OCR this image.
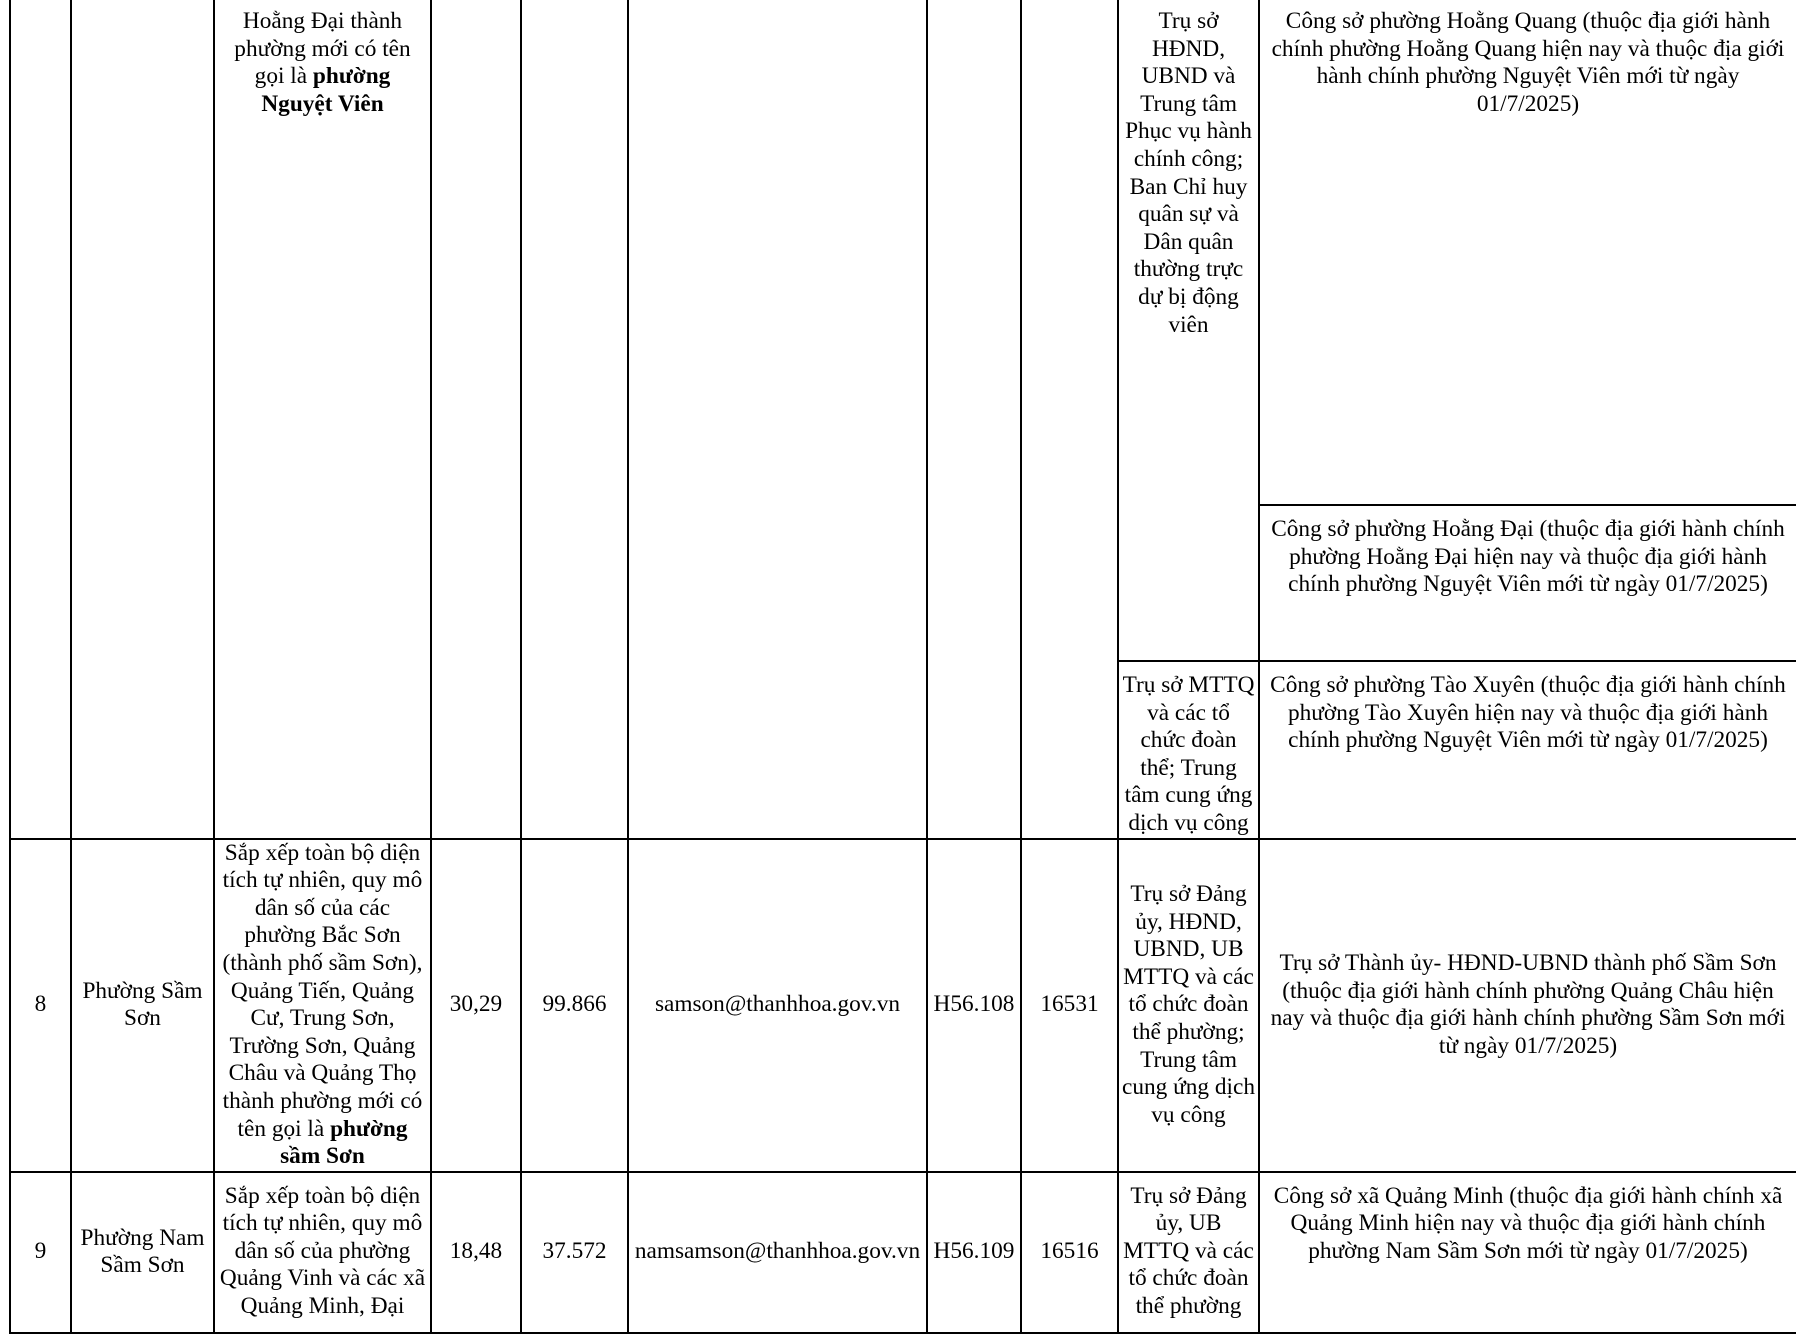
		Hoằng Đại thành phường mới có tên gọi là phường Nguyệt Viên						Trụ sở HĐND, UBND và Trung tâm Phục vụ hành chính công; Ban Chỉ huy quân sự và Dân quân thường trực dự bị động viên	Công sở phường Hoằng Quang (thuộc địa giới hành chính phường Hoằng Quang hiện nay và thuộc địa giới hành chính phường Nguyệt Viên mới từ ngày 01/7/2025)
									Công sở phường Hoằng Đại (thuộc địa giới hành chính phường Hoằng Đại hiện nay và thuộc địa giới hành chính phường Nguyệt Viên mới từ ngày 01/7/2025)
								Trụ sở MTTQ và các tổ chức đoàn thể; Trung tâm cung ứng dịch vụ công	Công sở phường Tào Xuyên (thuộc địa giới hành chính phường Tào Xuyên hiện nay và thuộc địa giới hành chính phường Nguyệt Viên mới từ ngày 01/7/2025)
8	Phường Sầm Sơn	Sắp xếp toàn bộ diện tích tự nhiên, quy mô dân số của các phường Bắc Sơn (thành phố sầm Sơn), Quảng Tiến, Quảng Cư, Trung Sơn, Trường Sơn, Quảng Châu và Quảng Thọ thành phường mới có tên gọi là phường sầm Sơn	30,29	99.866	samson@thanhhoa.gov.vn	H56.108	16531	Trụ sở Đảng ủy, HĐND, UBND, UB MTTQ và các tổ chức đoàn thể phường; Trung tâm cung ứng dịch vụ công	Trụ sở Thành ủy- HĐND-UBND thành phố Sầm Sơn (thuộc địa giới hành chính phường Quảng Châu hiện nay và thuộc địa giới hành chính phường Sầm Sơn mới từ ngày 01/7/2025)
9	Phường Nam Sầm Sơn	Sắp xếp toàn bộ diện tích tự nhiên, quy mô dân số của phường Quảng Vinh và các xã Quảng Minh, Đại	18,48	37.572	namsamson@thanhhoa.gov.vn	H56.109	16516	Trụ sở Đảng ủy, UB MTTQ và các tổ chức đoàn thể phường	Công sở xã Quảng Minh (thuộc địa giới hành chính xã Quảng Minh hiện nay và thuộc địa giới hành chính phường Nam Sầm Sơn mới từ ngày 01/7/2025)
